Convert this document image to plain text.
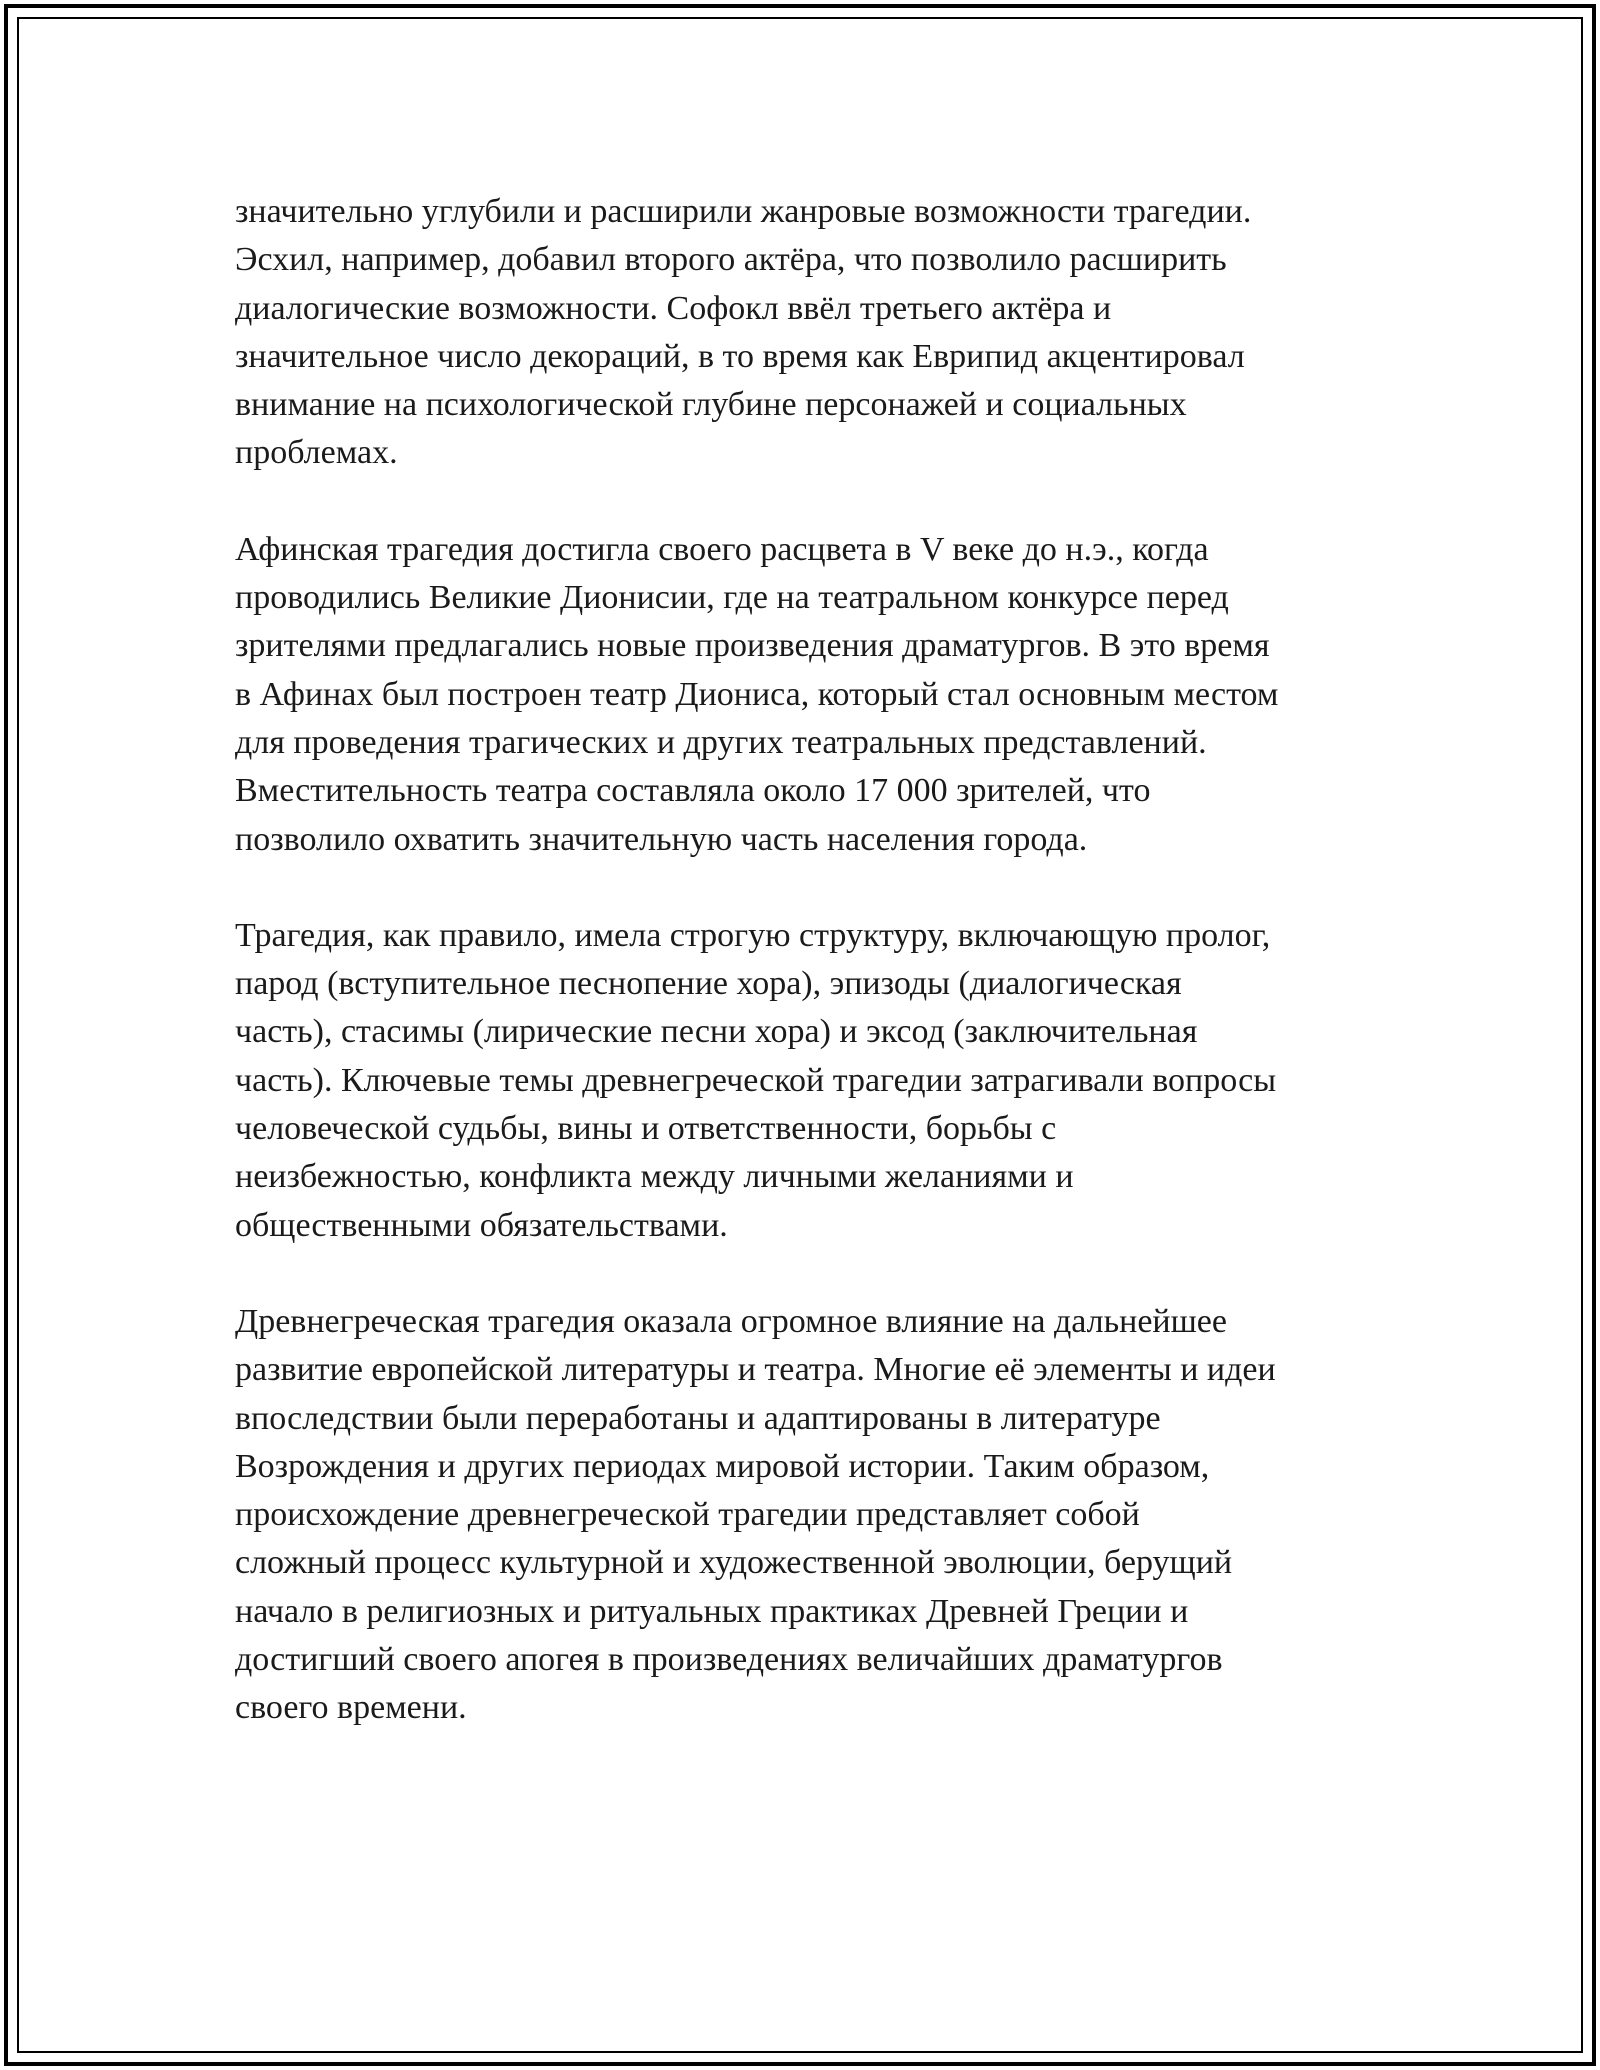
значительно углубили и расширили жанровые возможности трагедии.
Эсхил, например, добавил второго актёра, что позволило расширить
диалогические возможности. Софокл ввёл третьего актёра и
значительное число декораций, в то время как Еврипид акцентировал
внимание на психологической глубине персонажей и социальных
проблемах.

Афинская трагедия достигла своего расцвета в V веке до н.э., когда
проводились Великие Дионисии, где на театральном конкурсе перед
зрителями предлагались новые произведения драматургов. В это время
в Афинах был построен театр Диониса, который стал основным местом
для проведения трагических и других театральных представлений.
Вместительность театра составляла около 17 000 зрителей, что
позволило охватить значительную часть населения города.

Трагедия, как правило, имела строгую структуру, включающую пролог,
парод (вступительное песнопение хора), эпизоды (диалогическая
часть), стасимы (лирические песни хора) и эксод (заключительная
часть). Ключевые темы древнегреческой трагедии затрагивали вопросы
человеческой судьбы, вины и ответственности, борьбы с
неизбежностью, конфликта между личными желаниями и
общественными обязательствами.

Древнегреческая трагедия оказала огромное влияние на дальнейшее
развитие европейской литературы и театра. Многие её элементы и идеи
впоследствии были переработаны и адаптированы в литературе
Возрождения и других периодах мировой истории. Таким образом,
происхождение древнегреческой трагедии представляет собой
сложный процесс культурной и художественной эволюции, берущий
начало в религиозных и ритуальных практиках Древней Греции и
достигший своего апогея в произведениях величайших драматургов
своего времени.
